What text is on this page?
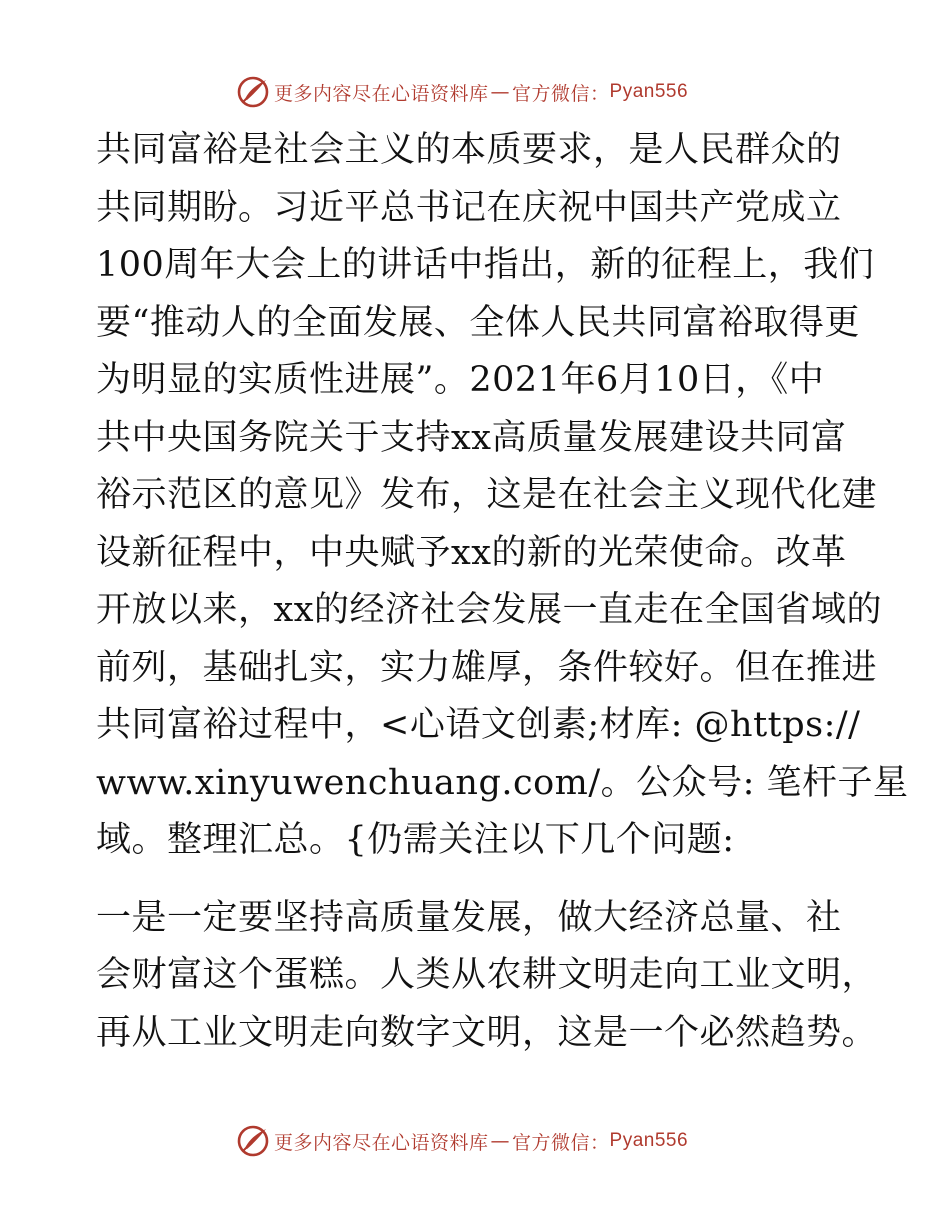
更多内容尽在心语资料库 — 官方微信： Pyan556
共同富裕是社会主义的本质要求，是人民群众的
共同期盼。习近平总书记在庆祝中国共产党成立
100周年大会上的讲话中指出，新的征程上，我们
要“推动人的全面发展、全体人民共同富裕取得更
为明显的实质性进展”。2021年6月10日，《中
共中央国务院关于支持xx高质量发展建设共同富
裕示范区的意见》发布，这是在社会主义现代化建
设新征程中，中央赋予xx的新的光荣使命。改革
开放以来，xx的经济社会发展一直走在全国省域的
前列，基础扎实，实力雄厚，条件较好。但在推进
共同富裕过程中，<心语文创素;材库: @https://
www.xinyuwenchuang.com/。公众号: 笔杆子星
域。整理汇总。{仍需关注以下几个问题:
一是一定要坚持高质量发展，做大经济总量、社
会财富这个蛋糕。人类从农耕文明走向工业文明，
再从工业文明走向数字文明，这是一个必然趋势。
更多内容尽在心语资料库 — 官方微信： Pyan556
